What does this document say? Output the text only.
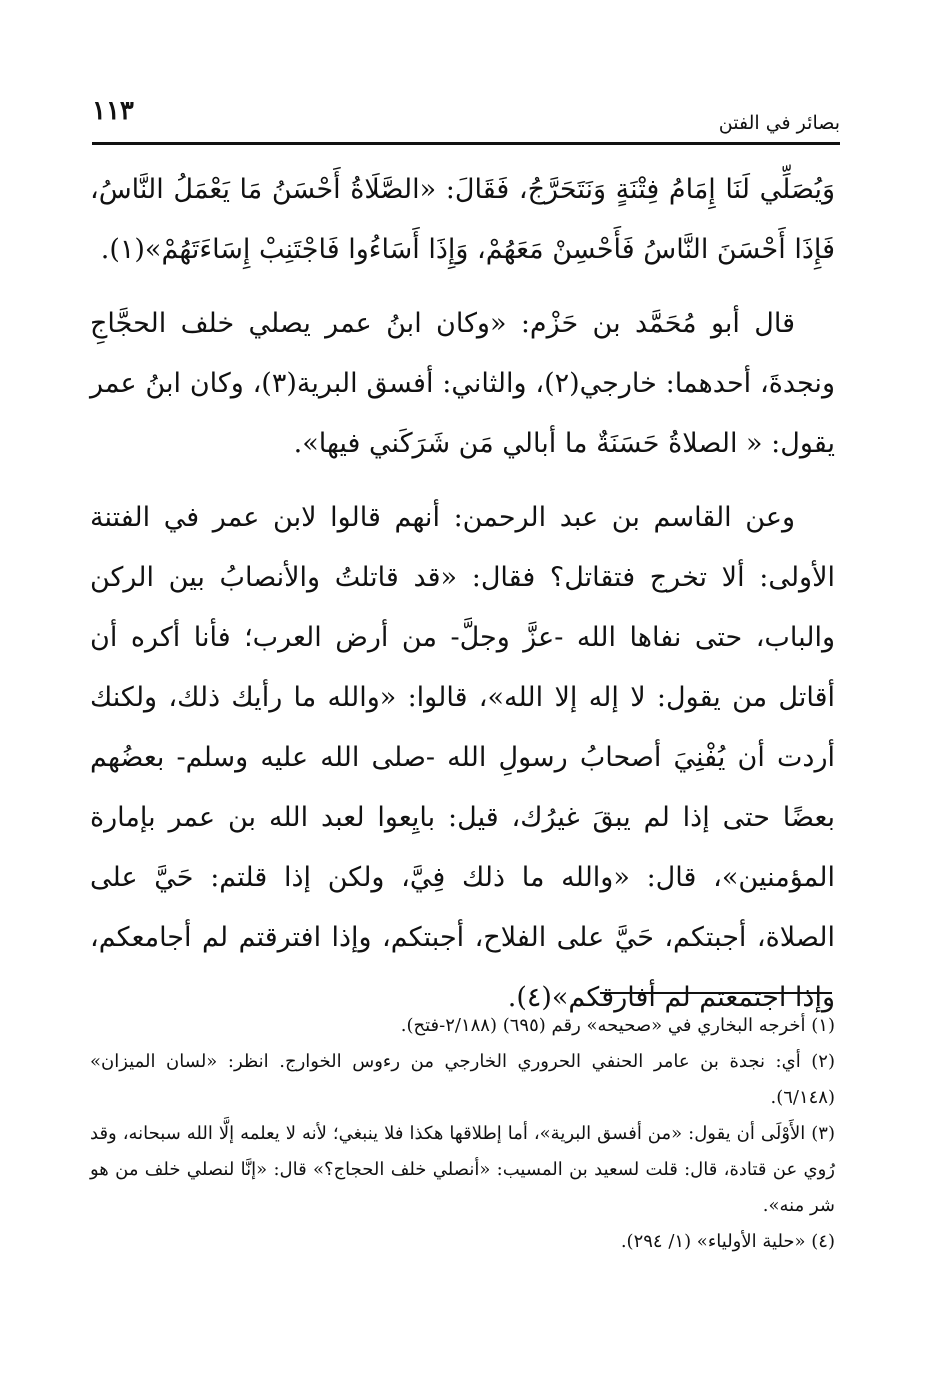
١١٣	بصائر في الفتن

وَيُصَلِّي لَنَا إِمَامُ فِتْنَةٍ وَنَتَحَرَّجُ، فَقَالَ: «الصَّلَاةُ أَحْسَنُ مَا يَعْمَلُ النَّاسُ، فَإِذَا أَحْسَنَ النَّاسُ فَأَحْسِنْ مَعَهُمْ، وَإِذَا أَسَاءُوا فَاجْتَنِبْ إِسَاءَتَهُمْ»(١).

قال أبو مُحَمَّد بن حَزْم: «وكان ابنُ عمر يصلي خلف الحجَّاجِ ونجدةَ، أحدهما: خارجي(٢)، والثاني: أفسق البرية(٣)، وكان ابنُ عمر يقول: « الصلاةُ حَسَنَةٌ ما أبالي مَن شَرَكَني فيها».

وعن القاسم بن عبد الرحمن: أنهم قالوا لابن عمر في الفتنة الأولى: ألا تخرج فتقاتل؟ فقال: «قد قاتلتُ والأنصابُ بين الركن والباب، حتى نفاها الله -عزَّ وجلَّ- من أرض العرب؛ فأنا أكره أن أقاتل من يقول: لا إله إلا الله»، قالوا: «والله ما رأيك ذلك، ولكنك أردت أن يُفْنِيَ أصحابُ رسولِ الله -صلى الله عليه وسلم- بعضُهم بعضًا حتى إذا لم يبقَ غيرُك، قيل: بايِعوا لعبد الله بن عمر بإمارة المؤمنين»، قال: «والله ما ذلك فِيَّ، ولكن إذا قلتم: حَيَّ على الصلاة، أجبتكم، حَيَّ على الفلاح، أجبتكم، وإذا افترقتم لم أجامعكم، وإذا اجتمعتم لم أفارقكم»(٤).

(١) أخرجه البخاري في «صحيحه» رقم (٦٩٥) (٢/١٨٨-فتح).

(٢) أي: نجدة بن عامر الحنفي الحروري الخارجي من رءوس الخوارج. انظر: «لسان الميزان» (٦/١٤٨).

(٣) الأَوْلَى أن يقول: «من أفسق البرية»، أما إطلاقها هكذا فلا ينبغي؛ لأنه لا يعلمه إلَّا الله سبحانه، وقد رُوي عن قتادة، قال: قلت لسعيد بن المسيب: «أنصلي خلف الحجاج؟» قال: «إنَّا لنصلي خلف من هو شر منه».

(٤) «حلية الأولياء» (١/ ٢٩٤).
